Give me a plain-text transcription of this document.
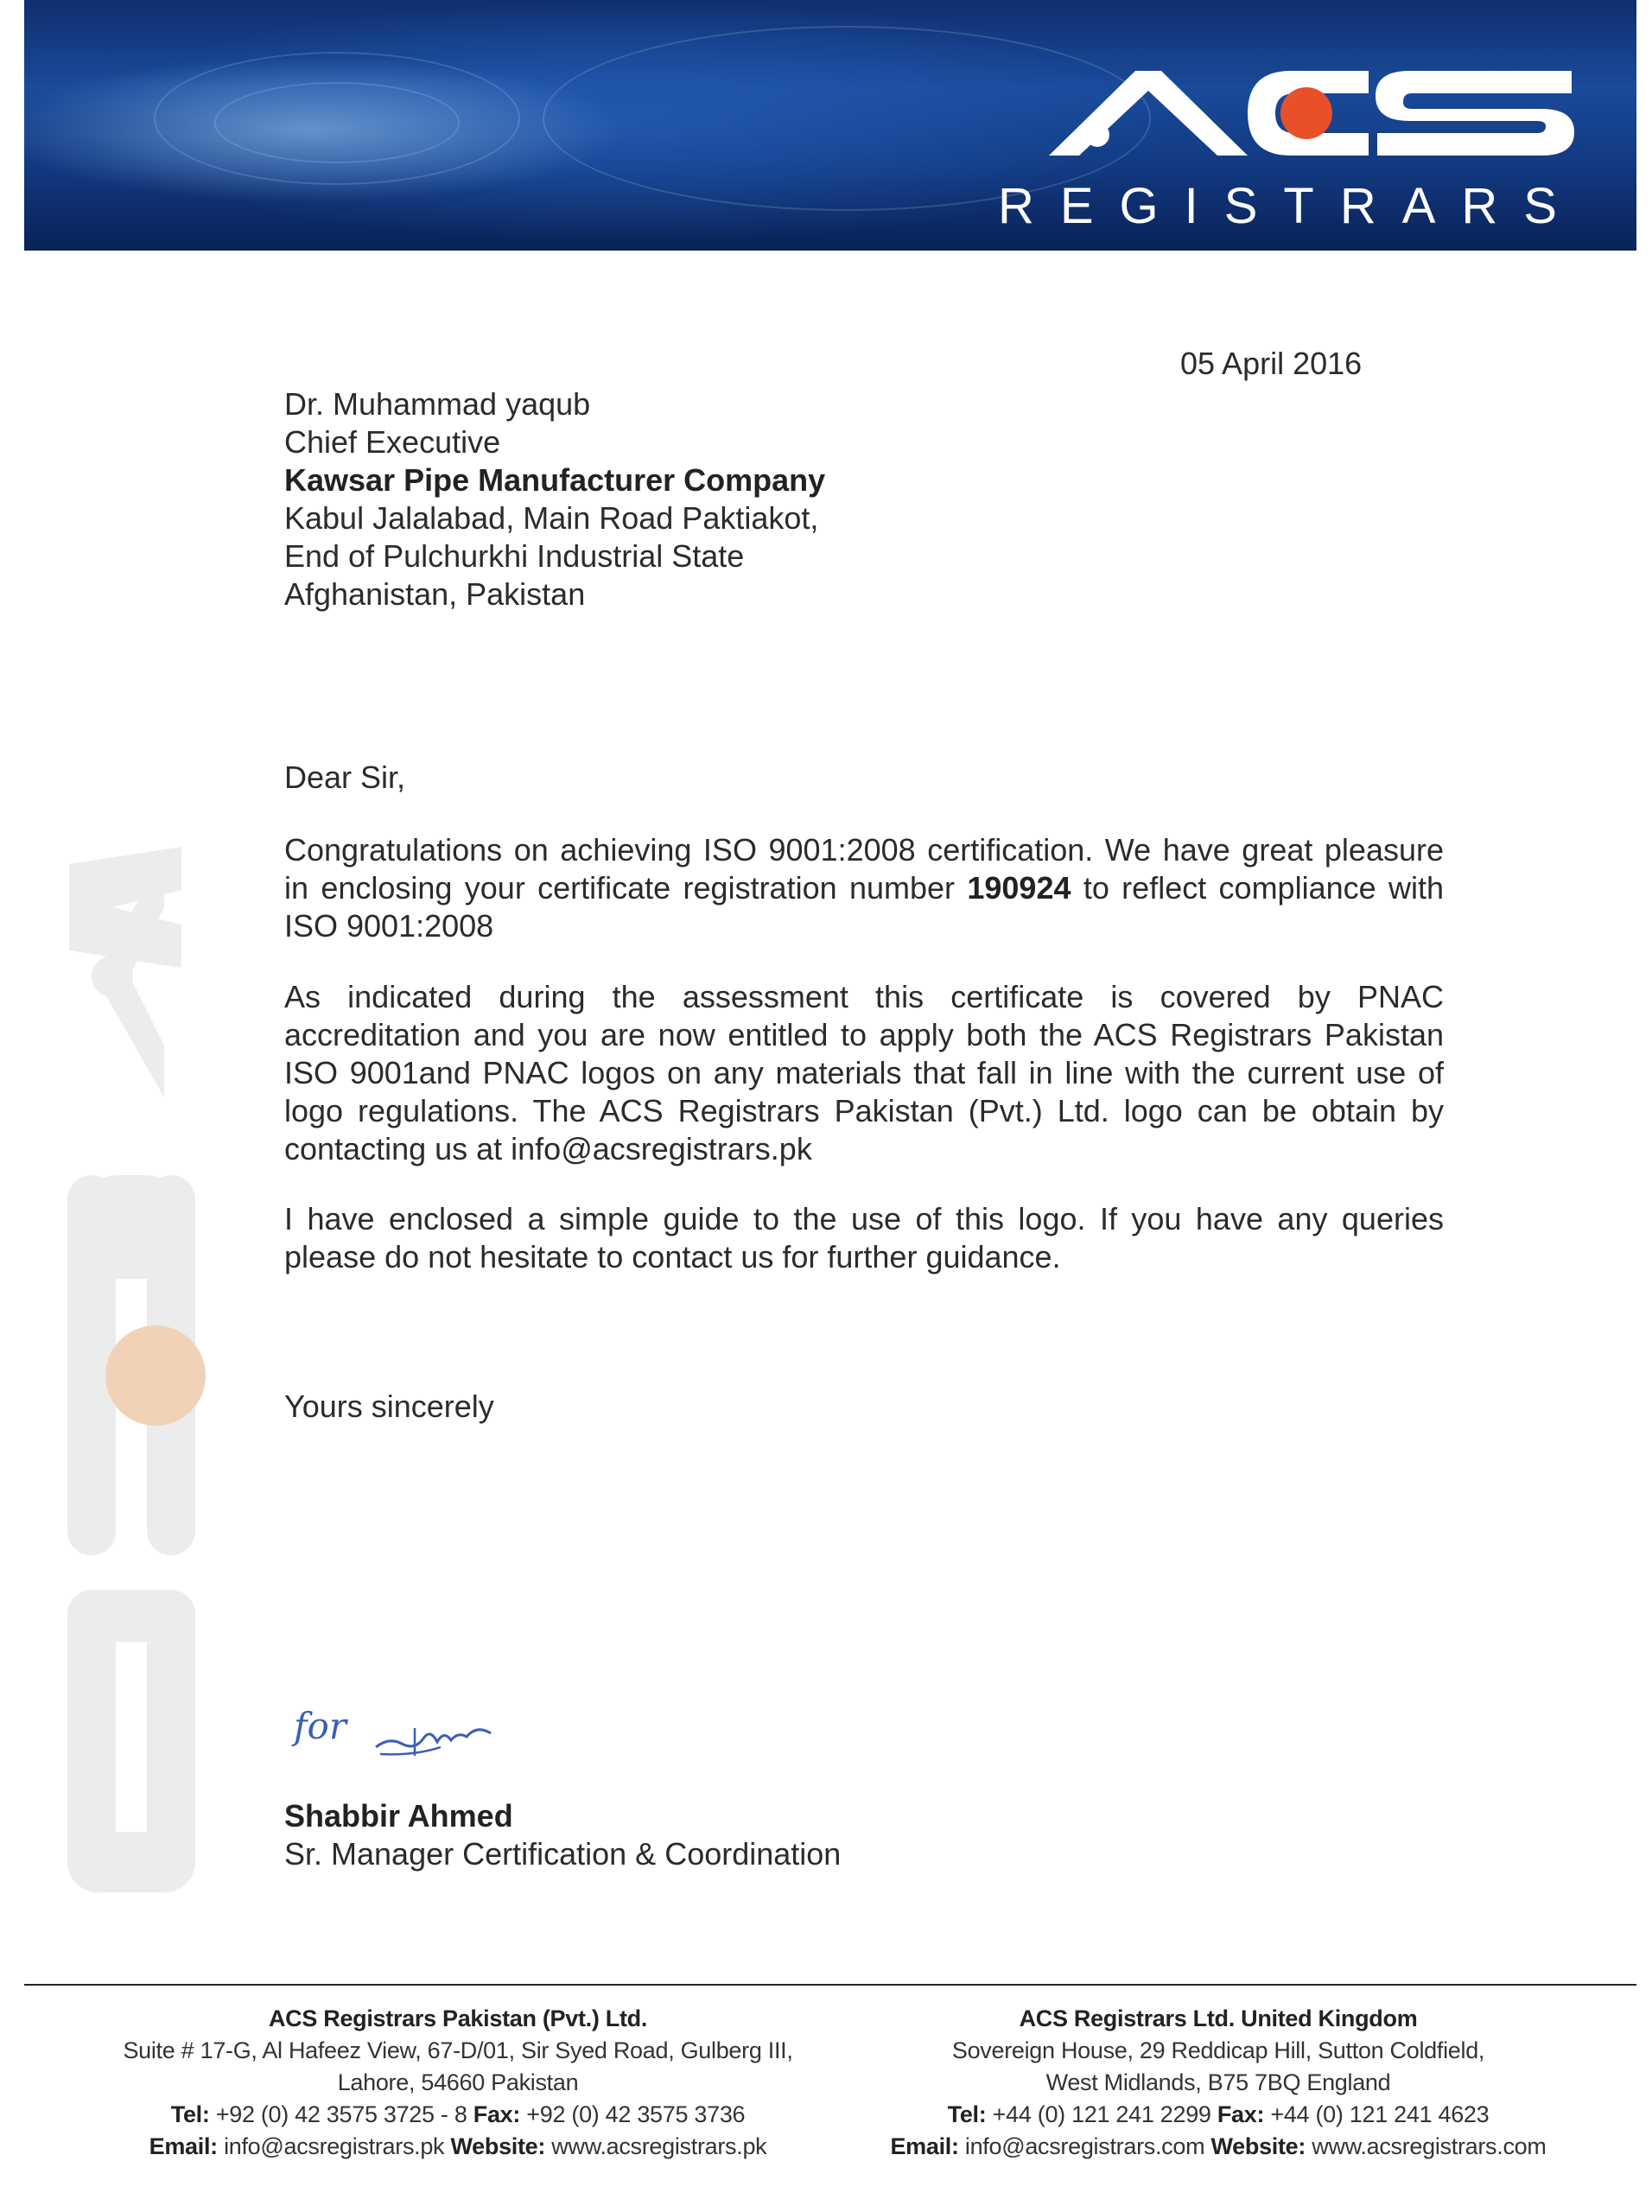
REGISTRARS
05 April 2016
Dr. Muhammad yaqub
Chief Executive
Kawsar Pipe Manufacturer Company
Kabul Jalalabad, Main Road Paktiakot,
End of Pulchurkhi Industrial State
Afghanistan, Pakistan
Dear Sir,
Congratulations on achieving ISO 9001:2008 certification. We have great pleasure in enclosing your certificate registration number 190924 to reflect compliance with ISO 9001:2008
As indicated during the assessment this certificate is covered by PNAC accreditation and you are now entitled to apply both the ACS Registrars Pakistan ISO 9001and PNAC logos on any materials that fall in line with the current use of logo regulations. The ACS Registrars Pakistan (Pvt.) Ltd. logo can be obtain by contacting us at info@acsregistrars.pk
I have enclosed a simple guide to the use of this logo. If you have any queries please do not hesitate to contact us for further guidance.
Yours sincerely
for
Shabbir Ahmed
Sr. Manager Certification & Coordination
ACS Registrars Pakistan (Pvt.) Ltd.
Suite # 17-G, Al Hafeez View, 67-D/01, Sir Syed Road, Gulberg III,
Lahore, 54660 Pakistan
Tel: +92 (0) 42 3575 3725 - 8 Fax: +92 (0) 42 3575 3736
Email: info@acsregistrars.pk Website: www.acsregistrars.pk
ACS Registrars Ltd. United Kingdom
Sovereign House, 29 Reddicap Hill, Sutton Coldfield,
West Midlands, B75 7BQ England
Tel: +44 (0) 121 241 2299 Fax: +44 (0) 121 241 4623
Email: info@acsregistrars.com Website: www.acsregistrars.com
